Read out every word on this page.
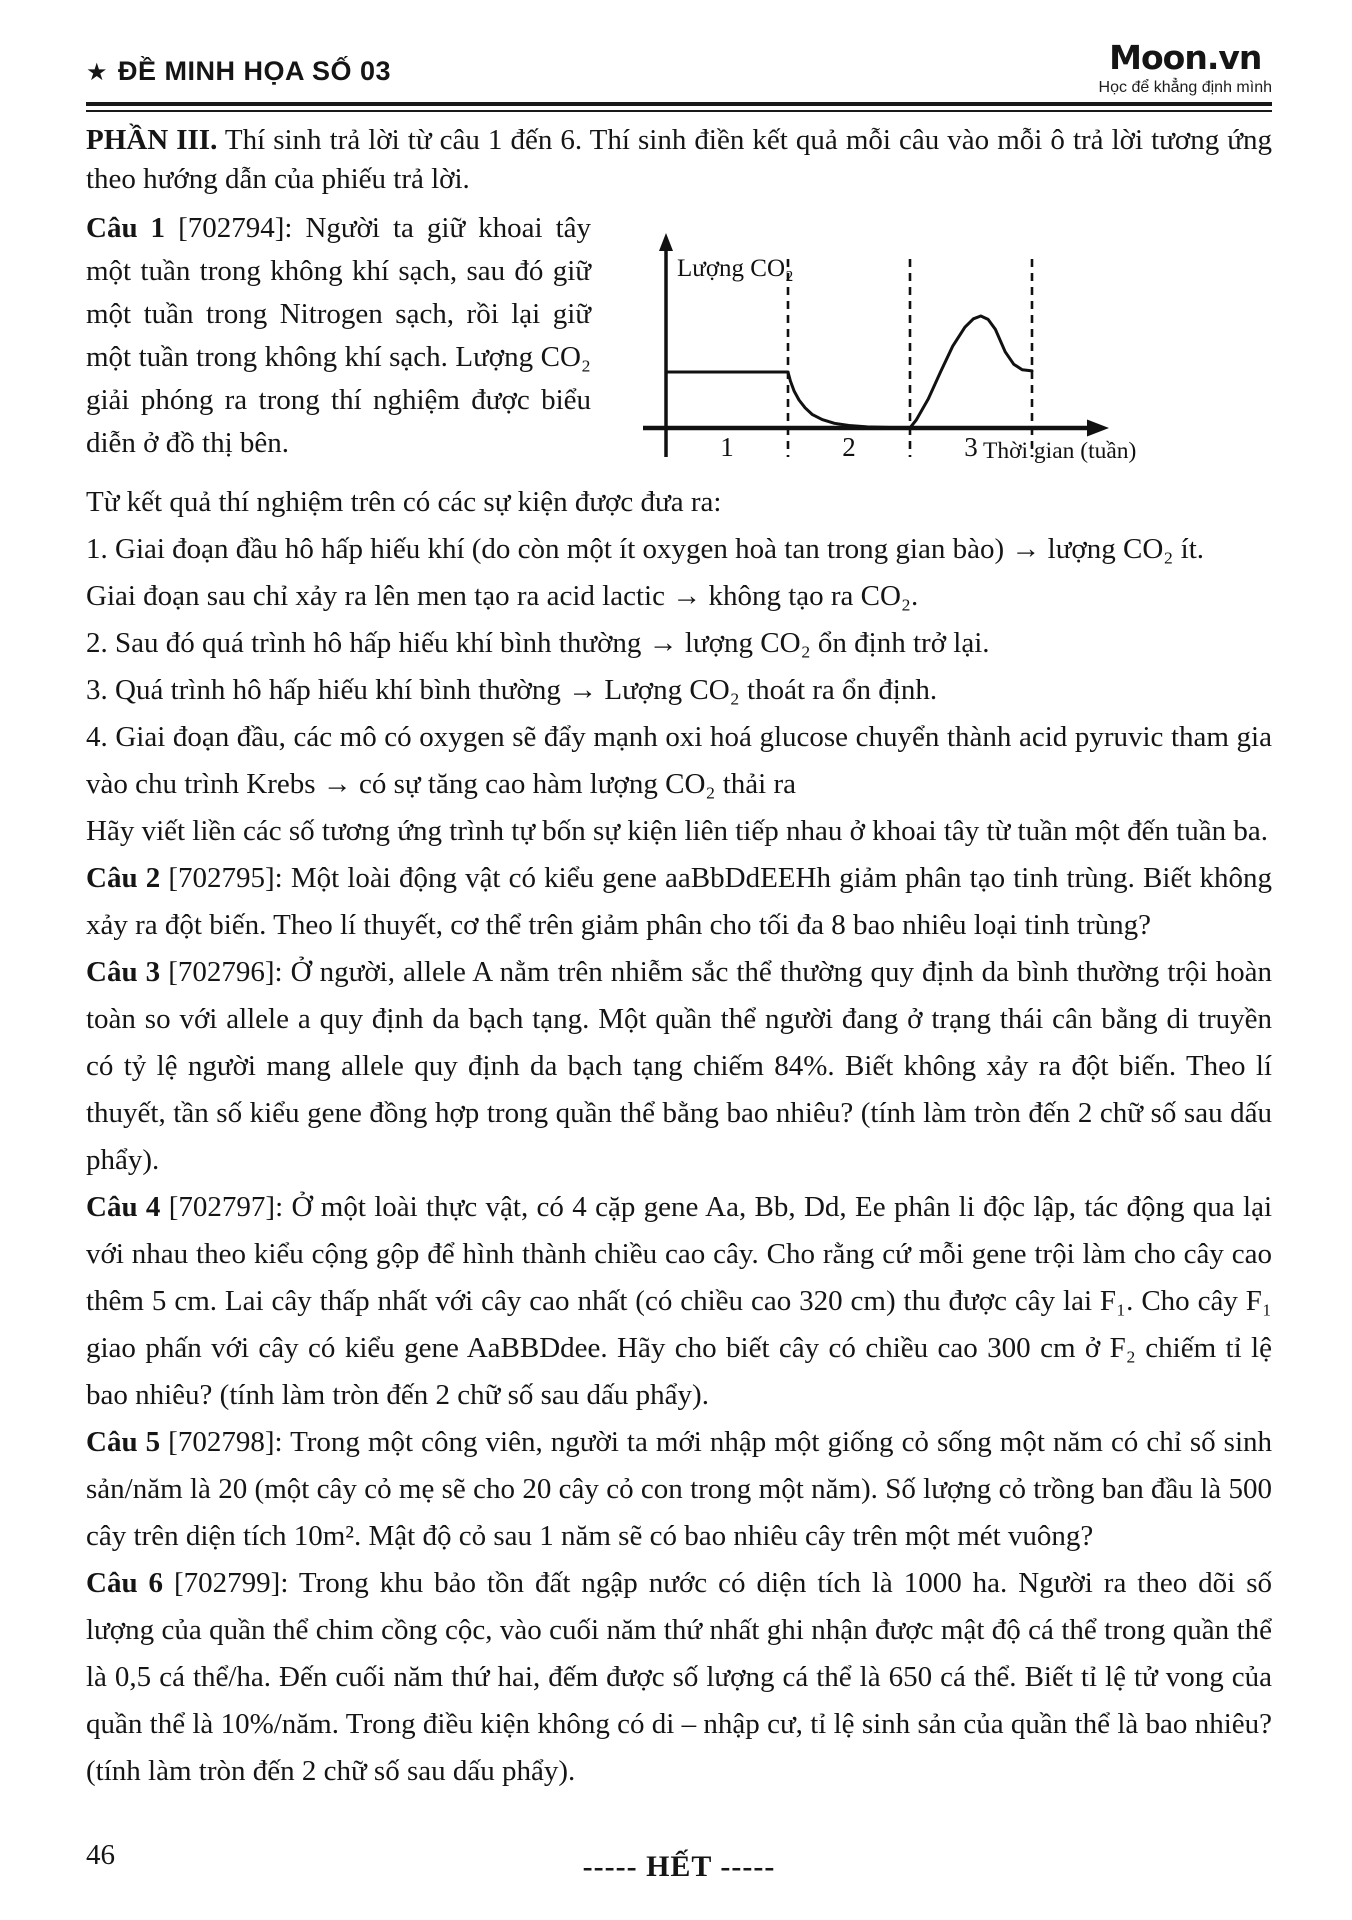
★ ĐỀ MINH HỌA SỐ 03	Moon.vn
Học để khẳng định mình

PHẦN III. Thí sinh trả lời từ câu 1 đến 6. Thí sinh điền kết quả mỗi câu vào mỗi ô trả lời tương ứng theo hướng dẫn của phiếu trả lời.

Câu 1 [702794]: Người ta giữ khoai tây một tuần trong không khí sạch, sau đó giữ một tuần trong Nitrogen sạch, rồi lại giữ một tuần trong không khí sạch. Lượng CO₂ giải phóng ra trong thí nghiệm được biểu diễn ở đồ thị bên.

Lượng CO₂
1	2	3 Thời gian (tuần)

Từ kết quả thí nghiệm trên có các sự kiện được đưa ra:

1. Giai đoạn đầu hô hấp hiếu khí (do còn một ít oxygen hoà tan trong gian bào) → lượng CO₂ ít.

Giai đoạn sau chỉ xảy ra lên men tạo ra acid lactic → không tạo ra CO₂.

2. Sau đó quá trình hô hấp hiếu khí bình thường → lượng CO₂ ổn định trở lại.

3. Quá trình hô hấp hiếu khí bình thường → Lượng CO₂ thoát ra ổn định.

4. Giai đoạn đầu, các mô có oxygen sẽ đẩy mạnh oxi hoá glucose chuyển thành acid pyruvic tham gia vào chu trình Krebs → có sự tăng cao hàm lượng CO₂ thải ra

Hãy viết liền các số tương ứng trình tự bốn sự kiện liên tiếp nhau ở khoai tây từ tuần một đến tuần ba.

Câu 2 [702795]: Một loài động vật có kiểu gene aaBbDdEEHh giảm phân tạo tinh trùng. Biết không xảy ra đột biến. Theo lí thuyết, cơ thể trên giảm phân cho tối đa 8 bao nhiêu loại tinh trùng?

Câu 3 [702796]: Ở người, allele A nằm trên nhiễm sắc thể thường quy định da bình thường trội hoàn toàn so với allele a quy định da bạch tạng. Một quần thể người đang ở trạng thái cân bằng di truyền có tỷ lệ người mang allele quy định da bạch tạng chiếm 84%. Biết không xảy ra đột biến. Theo lí thuyết, tần số kiểu gene đồng hợp trong quần thể bằng bao nhiêu? (tính làm tròn đến 2 chữ số sau dấu phẩy).

Câu 4 [702797]: Ở một loài thực vật, có 4 cặp gene Aa, Bb, Dd, Ee phân li độc lập, tác động qua lại với nhau theo kiểu cộng gộp để hình thành chiều cao cây. Cho rằng cứ mỗi gene trội làm cho cây cao thêm 5 cm. Lai cây thấp nhất với cây cao nhất (có chiều cao 320 cm) thu được cây lai F₁. Cho cây F₁ giao phấn với cây có kiểu gene AaBBDdee. Hãy cho biết cây có chiều cao 300 cm ở F₂ chiếm tỉ lệ bao nhiêu? (tính làm tròn đến 2 chữ số sau dấu phẩy).

Câu 5 [702798]: Trong một công viên, người ta mới nhập một giống cỏ sống một năm có chỉ số sinh sản/năm là 20 (một cây cỏ mẹ sẽ cho 20 cây cỏ con trong một năm). Số lượng cỏ trồng ban đầu là 500 cây trên diện tích 10m². Mật độ cỏ sau 1 năm sẽ có bao nhiêu cây trên một mét vuông?

Câu 6 [702799]: Trong khu bảo tồn đất ngập nước có diện tích là 1000 ha. Người ra theo dõi số lượng của quần thể chim cồng cộc, vào cuối năm thứ nhất ghi nhận được mật độ cá thể trong quần thể là 0,5 cá thể/ha. Đến cuối năm thứ hai, đếm được số lượng cá thể là 650 cá thể. Biết tỉ lệ tử vong của quần thể là 10%/năm. Trong điều kiện không có di – nhập cư, tỉ lệ sinh sản của quần thể là bao nhiêu? (tính làm tròn đến 2 chữ số sau dấu phẩy).

----- HẾT -----
46
